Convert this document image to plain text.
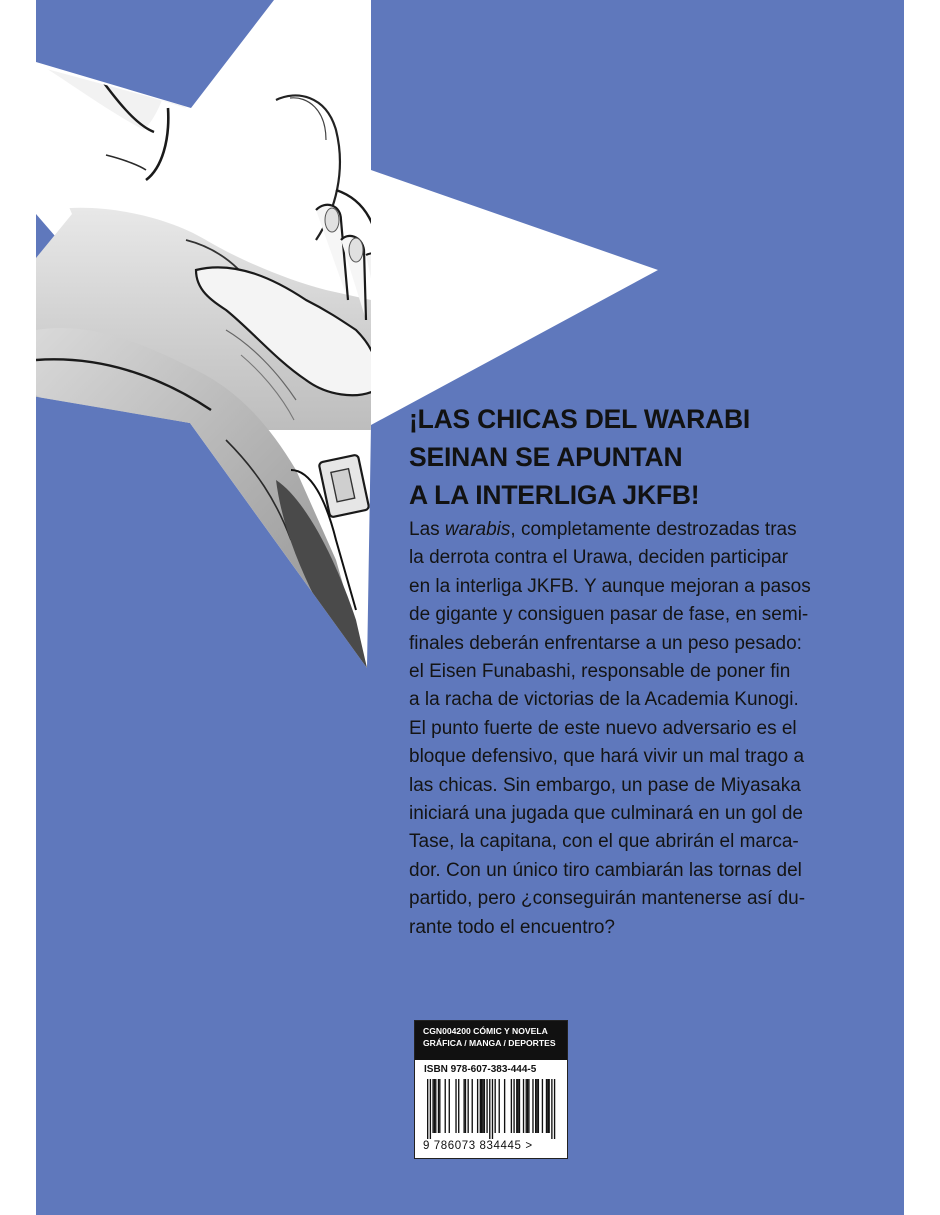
¡LAS CHICAS DEL WARABI
SEINAN SE APUNTAN
A LA INTERLIGA JKFB!
Las warabis, completamente destrozadas tras
la derrota contra el Urawa, deciden participar
en la interliga JKFB. Y aunque mejoran a pasos
de gigante y consiguen pasar de fase, en semi-
finales deberán enfrentarse a un peso pesado:
el Eisen Funabashi, responsable de poner fin
a la racha de victorias de la Academia Kunogi.
El punto fuerte de este nuevo adversario es el
bloque defensivo, que hará vivir un mal trago a
las chicas. Sin embargo, un pase de Miyasaka
iniciará una jugada que culminará en un gol de
Tase, la capitana, con el que abrirán el marca-
dor. Con un único tiro cambiarán las tornas del
partido, pero ¿conseguirán mantenerse así du-
rante todo el encuentro?
CGN004200 CÓMIC Y NOVELA
GRÁFICA / MANGA / DEPORTES
ISBN 978-607-383-444-5
9 786073 834445 >
